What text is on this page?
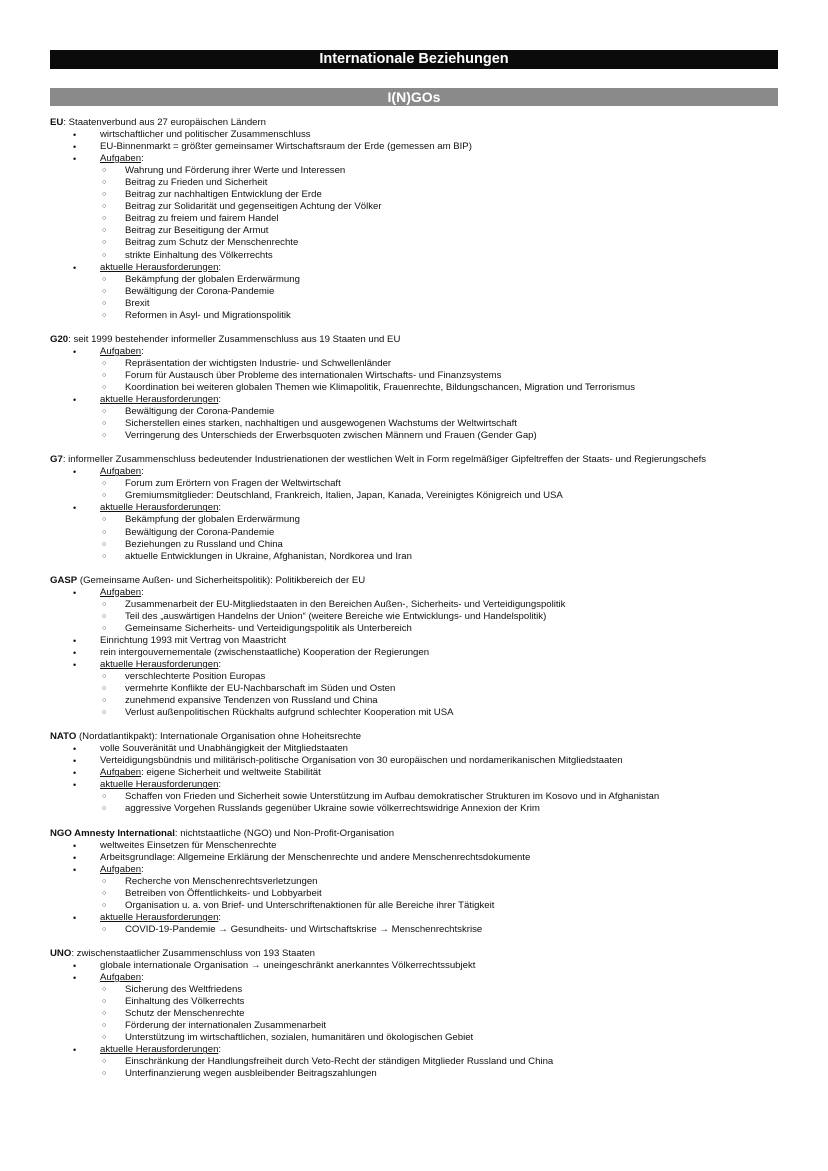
Internationale Beziehungen
I(N)GOs
EU: Staatenverbund aus 27 europäischen Ländern
• wirtschaftlicher und politischer Zusammenschluss
• EU-Binnenmarkt = größter gemeinsamer Wirtschaftsraum der Erde (gemessen am BIP)
• Aufgaben:
○ Wahrung und Förderung ihrer Werte und Interessen
○ Beitrag zu Frieden und Sicherheit
○ Beitrag zur nachhaltigen Entwicklung der Erde
○ Beitrag zur Solidarität und gegenseitigen Achtung der Völker
○ Beitrag zu freiem und fairem Handel
○ Beitrag zur Beseitigung der Armut
○ Beitrag zum Schutz der Menschenrechte
○ strikte Einhaltung des Völkerrechts
• aktuelle Herausforderungen:
○ Bekämpfung der globalen Erderwärmung
○ Bewältigung der Corona-Pandemie
○ Brexit
○ Reformen in Asyl- und Migrationspolitik
G20: seit 1999 bestehender informeller Zusammenschluss aus 19 Staaten und EU
• Aufgaben:
○ Repräsentation der wichtigsten Industrie- und Schwellenländer
○ Forum für Austausch über Probleme des internationalen Wirtschafts- und Finanzsystems
○ Koordination bei weiteren globalen Themen wie Klimapolitik, Frauenrechte, Bildungschancen, Migration und Terrorismus
• aktuelle Herausforderungen:
○ Bewältigung der Corona-Pandemie
○ Sicherstellen eines starken, nachhaltigen und ausgewogenen Wachstums der Weltwirtschaft
○ Verringerung des Unterschieds der Erwerbsquoten zwischen Männern und Frauen (Gender Gap)
G7: informeller Zusammenschluss bedeutender Industrienationen der westlichen Welt in Form regelmäßiger Gipfeltreffen der Staats- und Regierungschefs
• Aufgaben:
○ Forum zum Erörtern von Fragen der Weltwirtschaft
○ Gremiumsmitglieder: Deutschland, Frankreich, Italien, Japan, Kanada, Vereinigtes Königreich und USA
• aktuelle Herausforderungen:
○ Bekämpfung der globalen Erderwärmung
○ Bewältigung der Corona-Pandemie
○ Beziehungen zu Russland und China
○ aktuelle Entwicklungen in Ukraine, Afghanistan, Nordkorea und Iran
GASP (Gemeinsame Außen- und Sicherheitspolitik): Politikbereich der EU
• Aufgaben:
○ Zusammenarbeit der EU-Mitgliedstaaten in den Bereichen Außen-, Sicherheits- und Verteidigungspolitik
○ Teil des „auswärtigen Handelns der Union“ (weitere Bereiche wie Entwicklungs- und Handelspolitik)
○ Gemeinsame Sicherheits- und Verteidigungspolitik als Unterbereich
• Einrichtung 1993 mit Vertrag von Maastricht
• rein intergouvernementale (zwischenstaatliche) Kooperation der Regierungen
• aktuelle Herausforderungen:
○ verschlechterte Position Europas
○ vermehrte Konflikte der EU-Nachbarschaft im Süden und Osten
○ zunehmend expansive Tendenzen von Russland und China
○ Verlust außenpolitischen Rückhalts aufgrund schlechter Kooperation mit USA
NATO (Nordatlantikpakt): Internationale Organisation ohne Hoheitsrechte
• volle Souveränität und Unabhängigkeit der Mitgliedstaaten
• Verteidigungsbündnis und militärisch-politische Organisation von 30 europäischen und nordamerikanischen Mitgliedstaaten
• Aufgaben: eigene Sicherheit und weltweite Stabilität
• aktuelle Herausforderungen:
○ Schaffen von Frieden und Sicherheit sowie Unterstützung im Aufbau demokratischer Strukturen im Kosovo und in Afghanistan
○ aggressive Vorgehen Russlands gegenüber Ukraine sowie völkerrechtswidrige Annexion der Krim
NGO Amnesty International: nichtstaatliche (NGO) und Non-Profit-Organisation
• weltweites Einsetzen für Menschenrechte
• Arbeitsgrundlage: Allgemeine Erklärung der Menschenrechte und andere Menschenrechtsdokumente
• Aufgaben:
○ Recherche von Menschenrechtsverletzungen
○ Betreiben von Öffentlichkeits- und Lobbyarbeit
○ Organisation u. a. von Brief- und Unterschriftenaktionen für alle Bereiche ihrer Tätigkeit
• aktuelle Herausforderungen:
○ COVID-19-Pandemie → Gesundheits- und Wirtschaftskrise → Menschenrechtskrise
UNO: zwischenstaatlicher Zusammenschluss von 193 Staaten
• globale internationale Organisation → uneingeschränkt anerkanntes Völkerrechtssubjekt
• Aufgaben:
○ Sicherung des Weltfriedens
○ Einhaltung des Völkerrechts
○ Schutz der Menschenrechte
○ Förderung der internationalen Zusammenarbeit
○ Unterstützung im wirtschaftlichen, sozialen, humanitären und ökologischen Gebiet
• aktuelle Herausforderungen:
○ Einschränkung der Handlungsfreiheit durch Veto-Recht der ständigen Mitglieder Russland und China
○ Unterfinanzierung wegen ausbleibender Beitragszahlungen
